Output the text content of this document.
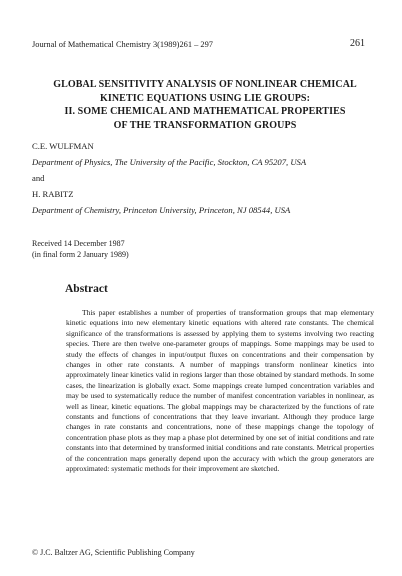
Journal of Mathematical Chemistry 3(1989)261 – 297	261
GLOBAL SENSITIVITY ANALYSIS OF NONLINEAR CHEMICAL
KINETIC EQUATIONS USING LIE GROUPS:
II. SOME CHEMICAL AND MATHEMATICAL PROPERTIES
OF THE TRANSFORMATION GROUPS
C.E. WULFMAN
Department of Physics, The University of the Pacific, Stockton, CA 95207, USA
and
H. RABITZ
Department of Chemistry, Princeton University, Princeton, NJ 08544, USA
Received 14 December 1987
(in final form 2 January 1989)
Abstract
This paper establishes a number of properties of transformation groups that map elementary kinetic equations into new elementary kinetic equations with altered rate constants. The chemical significance of the transformations is assessed by applying them to systems involving two reacting species. There are then twelve one-parameter groups of mappings. Some mappings may be used to study the effects of changes in input/output fluxes on concentrations and their compensation by changes in other rate constants. A number of mappings transform nonlinear kinetics into approximately linear kinetics valid in regions larger than those obtained by standard methods. In some cases, the linearization is globally exact. Some mappings create lumped concentration variables and may be used to systematically reduce the number of manifest concentration variables in nonlinear, as well as linear, kinetic equations. The global mappings may be characterized by the functions of rate constants and functions of concentrations that they leave invariant. Although they produce large changes in rate constants and concentrations, none of these mappings change the topology of concentration phase plots as they map a phase plot determined by one set of initial conditions and rate constants into that determined by transformed initial conditions and rate constants. Metrical properties of the concentration maps generally depend upon the accuracy with which the group generators are approximated: systematic methods for their improvement are sketched.
© J.C. Baltzer AG, Scientific Publishing Company
